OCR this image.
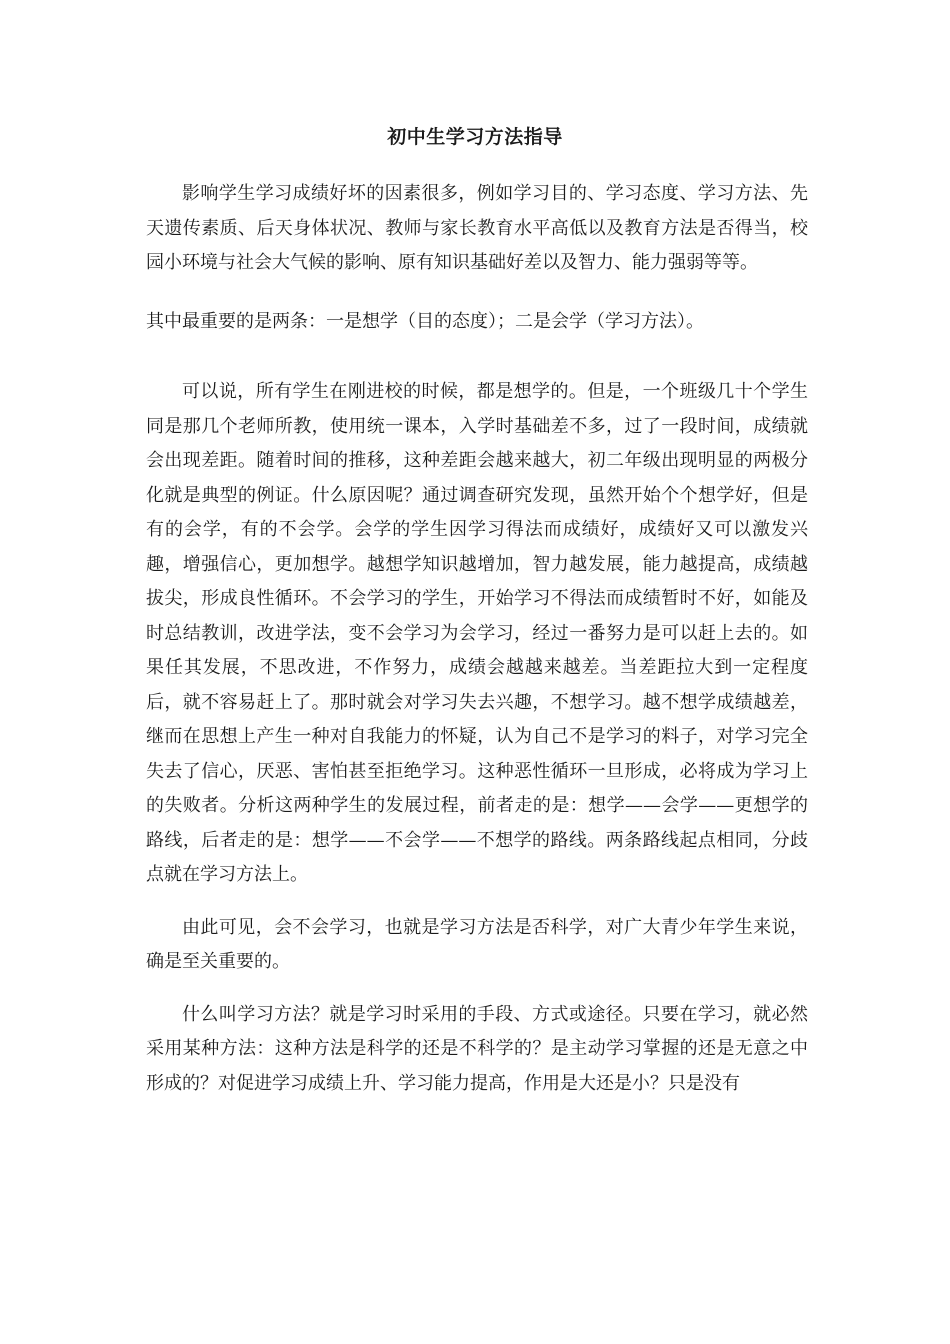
初中生学习方法指导

影响学生学习成绩好坏的因素很多，例如学习目的、学习态度、学习方法、先天遗传素质、后天身体状况、教师与家长教育水平高低以及教育方法是否得当，校园小环境与社会大气候的影响、原有知识基础好差以及智力、能力强弱等等。

其中最重要的是两条：一是想学（目的态度）；二是会学（学习方法）。

可以说，所有学生在刚进校的时候，都是想学的。但是，一个班级几十个学生同是那几个老师所教，使用统一课本，入学时基础差不多，过了一段时间，成绩就会出现差距。随着时间的推移，这种差距会越来越大，初二年级出现明显的两极分化就是典型的例证。什么原因呢？通过调查研究发现，虽然开始个个想学好，但是有的会学，有的不会学。会学的学生因学习得法而成绩好，成绩好又可以激发兴趣，增强信心，更加想学。越想学知识越增加，智力越发展，能力越提高，成绩越拔尖，形成良性循环。不会学习的学生，开始学习不得法而成绩暂时不好，如能及时总结教训，改进学法，变不会学习为会学习，经过一番努力是可以赶上去的。如果任其发展，不思改进，不作努力，成绩会越越来越差。当差距拉大到一定程度后，就不容易赶上了。那时就会对学习失去兴趣，不想学习。越不想学成绩越差，继而在思想上产生一种对自我能力的怀疑，认为自己不是学习的料子，对学习完全失去了信心，厌恶、害怕甚至拒绝学习。这种恶性循环一旦形成，必将成为学习上的失败者。分析这两种学生的发展过程，前者走的是：想学——会学——更想学的路线，后者走的是：想学——不会学——不想学的路线。两条路线起点相同，分歧点就在学习方法上。

由此可见，会不会学习，也就是学习方法是否科学，对广大青少年学生来说，确是至关重要的。

什么叫学习方法？就是学习时采用的手段、方式或途径。只要在学习，就必然采用某种方法：这种方法是科学的还是不科学的？是主动学习掌握的还是无意之中形成的？对促进学习成绩上升、学习能力提高，作用是大还是小？只是没有
